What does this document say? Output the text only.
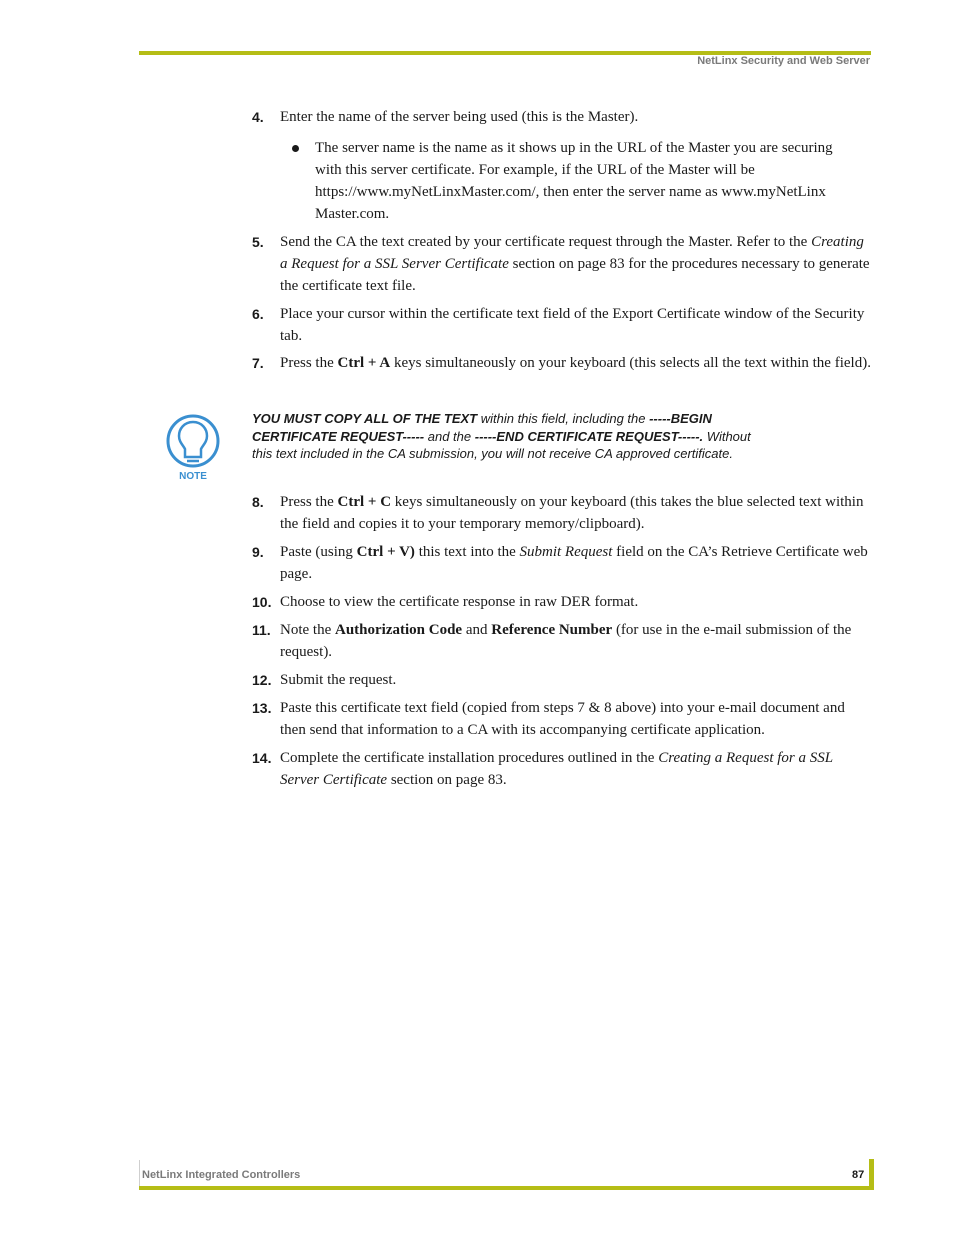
NetLinx Security and Web Server
4. Enter the name of the server being used (this is the Master).
The server name is the name as it shows up in the URL of the Master you are securing with this server certificate. For example, if the URL of the Master will be https://www.myNetLinxMaster.com/, then enter the server name as www.myNetLinx Master.com.
5. Send the CA the text created by your certificate request through the Master. Refer to the Creating a Request for a SSL Server Certificate section on page 83 for the procedures necessary to generate the certificate text file.
6. Place your cursor within the certificate text field of the Export Certificate window of the Security tab.
7. Press the Ctrl + A keys simultaneously on your keyboard (this selects all the text within the field).
NOTE
YOU MUST COPY ALL OF THE TEXT within this field, including the -----BEGIN CERTIFICATE REQUEST----- and the -----END CERTIFICATE REQUEST-----. Without this text included in the CA submission, you will not receive CA approved certificate.
8. Press the Ctrl + C keys simultaneously on your keyboard (this takes the blue selected text within the field and copies it to your temporary memory/clipboard).
9. Paste (using Ctrl + V) this text into the Submit Request field on the CA’s Retrieve Certificate web page.
10. Choose to view the certificate response in raw DER format.
11. Note the Authorization Code and Reference Number (for use in the e-mail submission of the request).
12. Submit the request.
13. Paste this certificate text field (copied from steps 7 & 8 above) into your e-mail document and then send that information to a CA with its accompanying certificate application.
14. Complete the certificate installation procedures outlined in the Creating a Request for a SSL Server Certificate section on page 83.
NetLinx Integrated Controllers	87
